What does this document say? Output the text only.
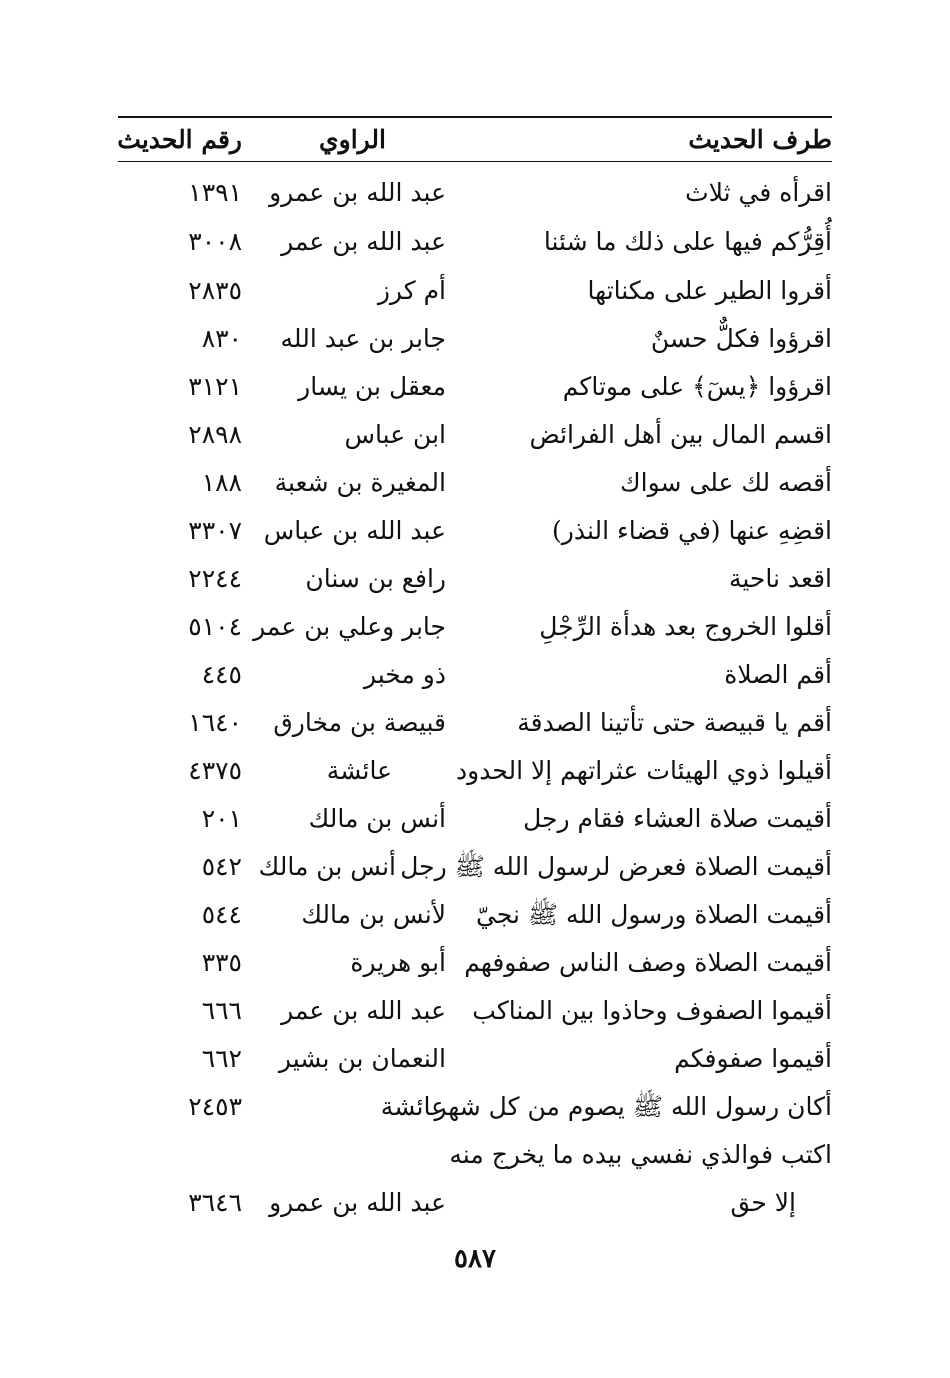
طرف الحديث
الراوي
رقم الحديث
اقرأه في ثلاث
عبد الله بن عمرو
١٣٩١
أُقِرُّكم فيها على ذلك ما شئنا
عبد الله بن عمر
٣٠٠٨
أقروا الطير على مكناتها
أم كرز
٢٨٣٥
اقرؤوا فكلٌّ حسنٌ
جابر بن عبد الله
٨٣٠
اقرؤوا ﴿يسٓ﴾ على موتاكم
معقل بن يسار
٣١٢١
اقسم المال بين أهل الفرائض
ابن عباس
٢٨٩٨
أقصه لك على سواك
المغيرة بن شعبة
١٨٨
اقضِهِ عنها (في قضاء النذر)
عبد الله بن عباس
٣٣٠٧
اقعد ناحية
رافع بن سنان
٢٢٤٤
أقلوا الخروج بعد هدأة الرِّجْلِ
جابر وعلي بن عمر
٥١٠٤
أقم الصلاة
ذو مخبر
٤٤٥
أقم يا قبيصة حتى تأتينا الصدقة
قبيصة بن مخارق
١٦٤٠
أقيلوا ذوي الهيئات عثراتهم إلا الحدود
عائشة
٤٣٧٥
أقيمت صلاة العشاء فقام رجل
أنس بن مالك
٢٠١
أقيمت الصلاة فعرض لرسول الله ﷺ رجل
أنس بن مالك
٥٤٢
أقيمت الصلاة ورسول الله ﷺ نجيّ
لأنس بن مالك
٥٤٤
أقيمت الصلاة وصف الناس صفوفهم
أبو هريرة
٣٣٥
أقيموا الصفوف وحاذوا بين المناكب
عبد الله بن عمر
٦٦٦
أقيموا صفوفكم
النعمان بن بشير
٦٦٢
أكان رسول الله ﷺ يصوم من كل شهر
عائشة
٢٤٥٣
اكتب فوالذي نفسي بيده ما يخرج منه
إلا حق
عبد الله بن عمرو
٣٦٤٦
٥٨٧
